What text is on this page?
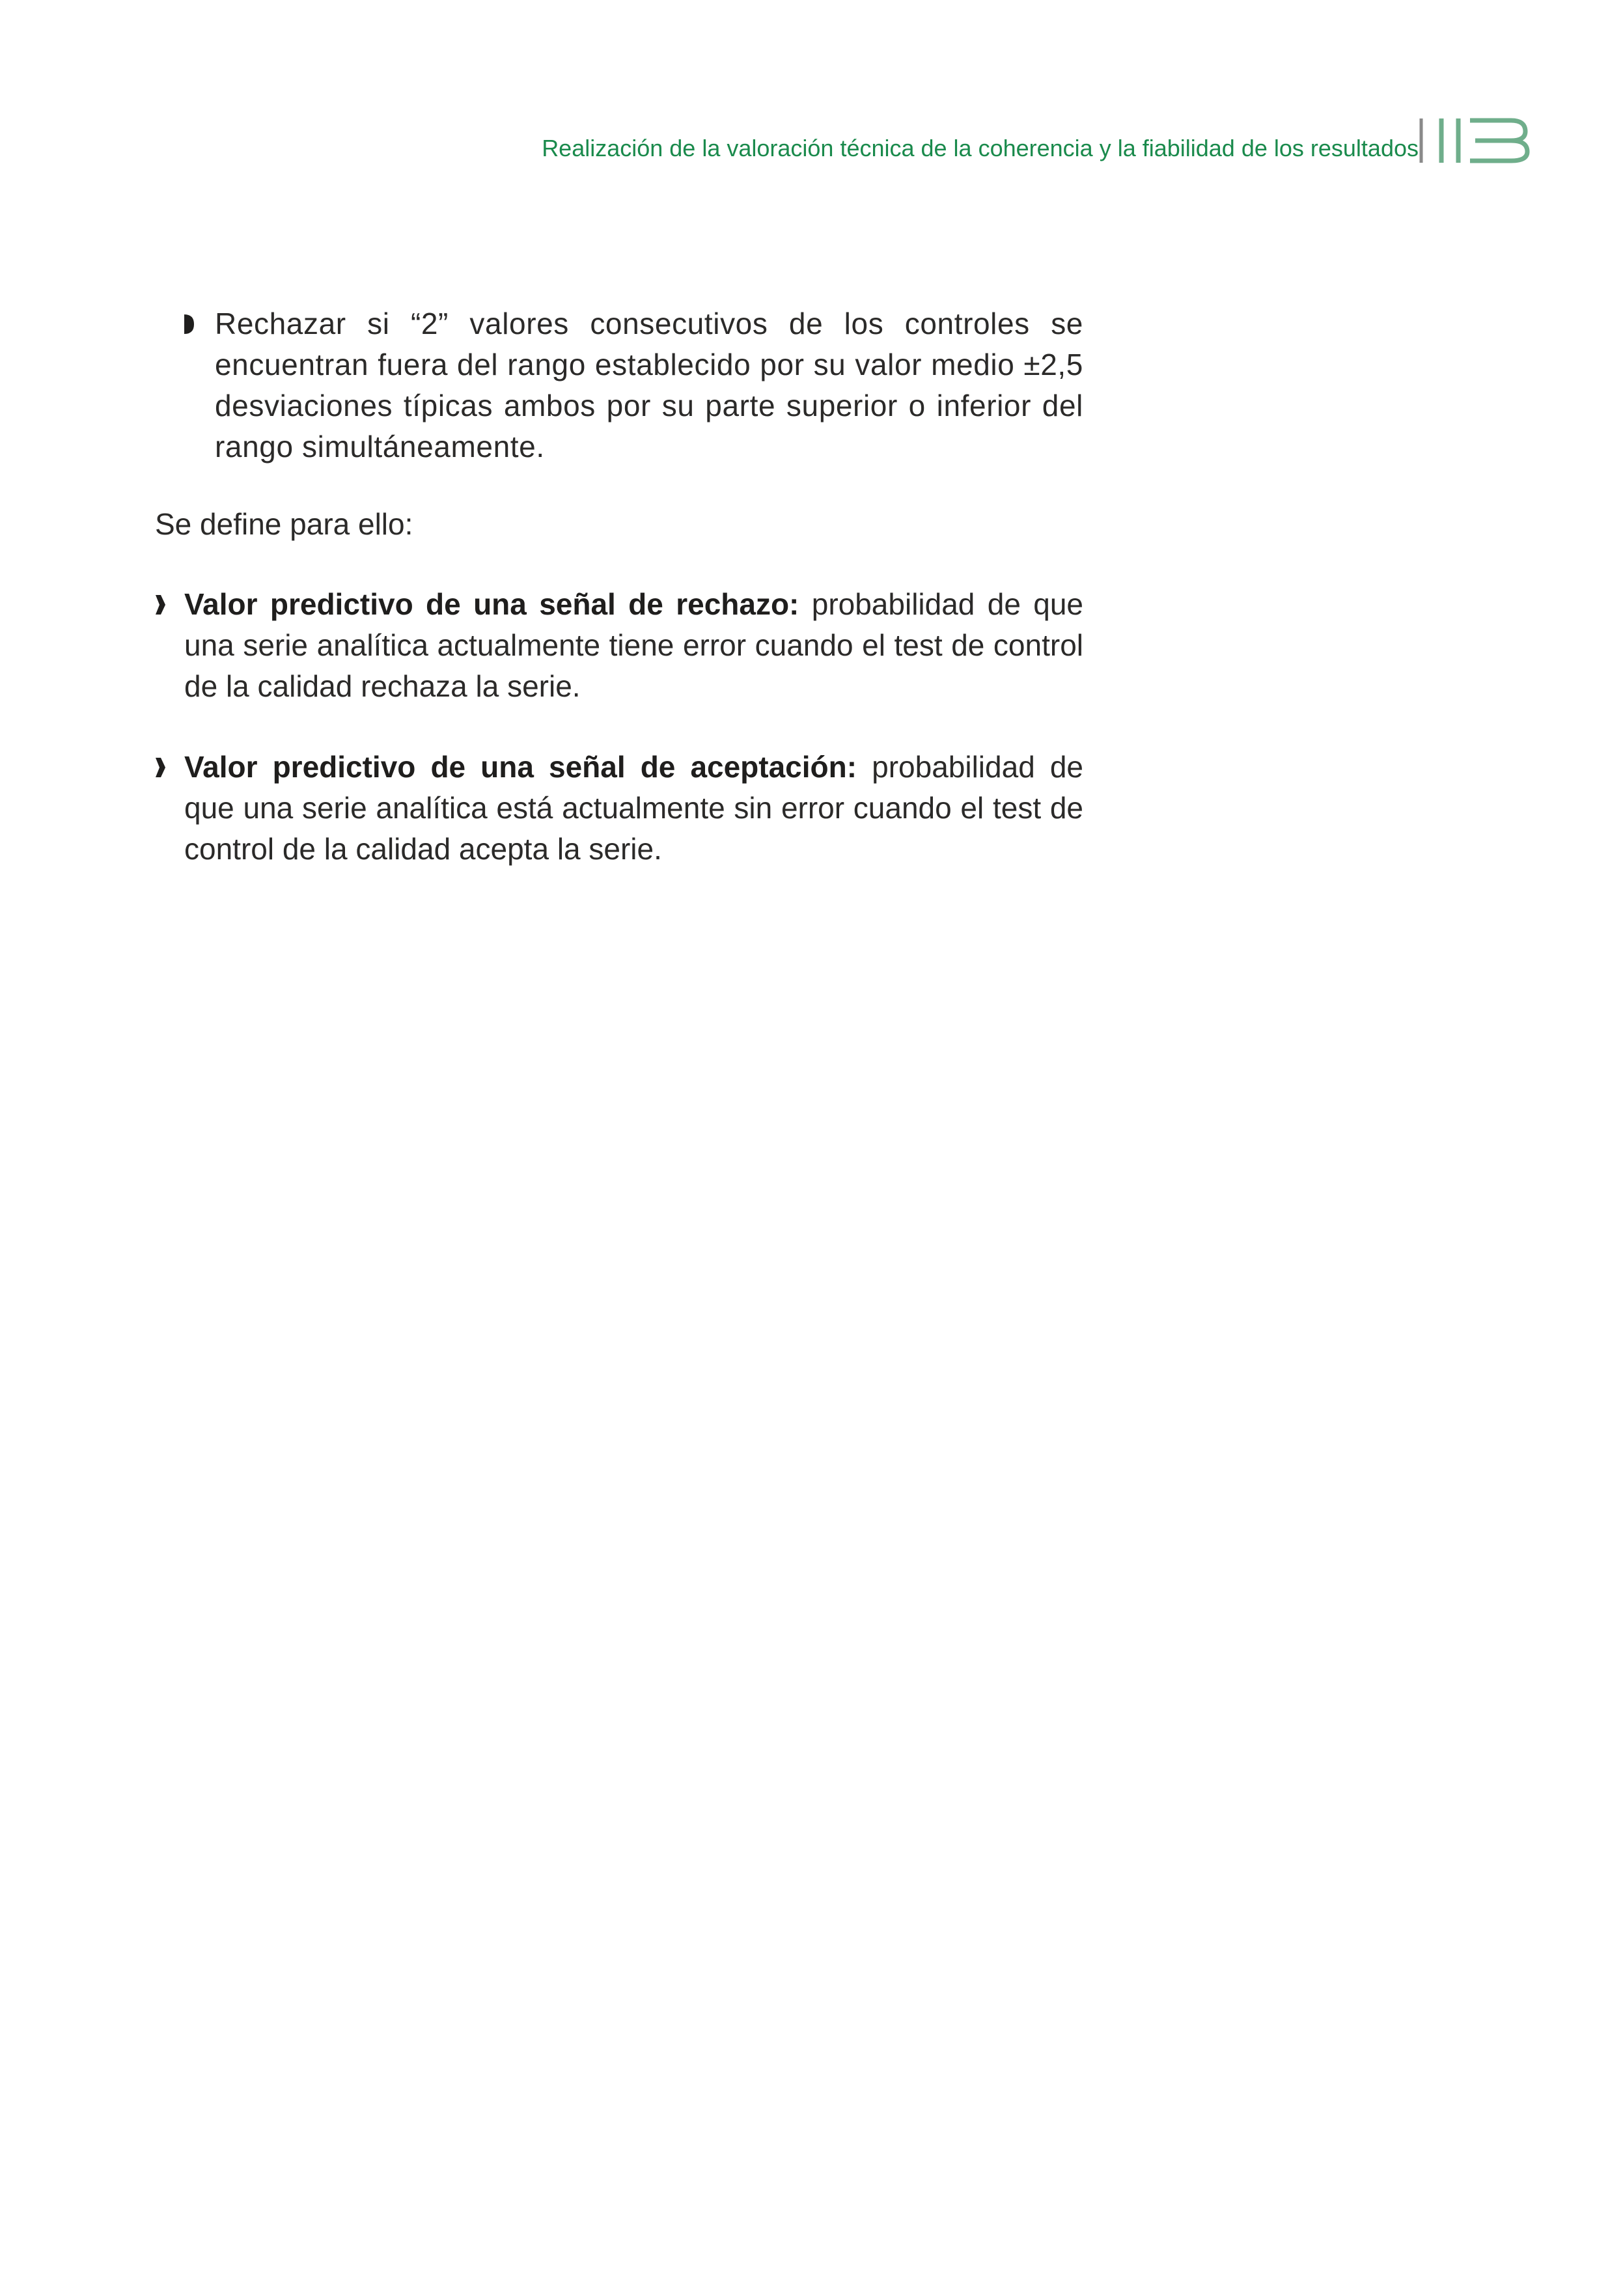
Realización de la valoración técnica de la coherencia y la fiabilidad de los resultados
Rechazar si “2” valores consecutivos de los controles se encuentran fuera del rango establecido por su valor medio ±2,5 desviaciones típicas ambos por su parte superior o inferior del rango simultáneamente.

Se define para ello:

Valor predictivo de una señal de rechazo: probabilidad de que una serie analítica actualmente tiene error cuando el test de control de la calidad rechaza la serie.
Valor predictivo de una señal de aceptación: probabilidad de que una serie analítica está actualmente sin error cuando el test de control de la calidad acepta la serie.
